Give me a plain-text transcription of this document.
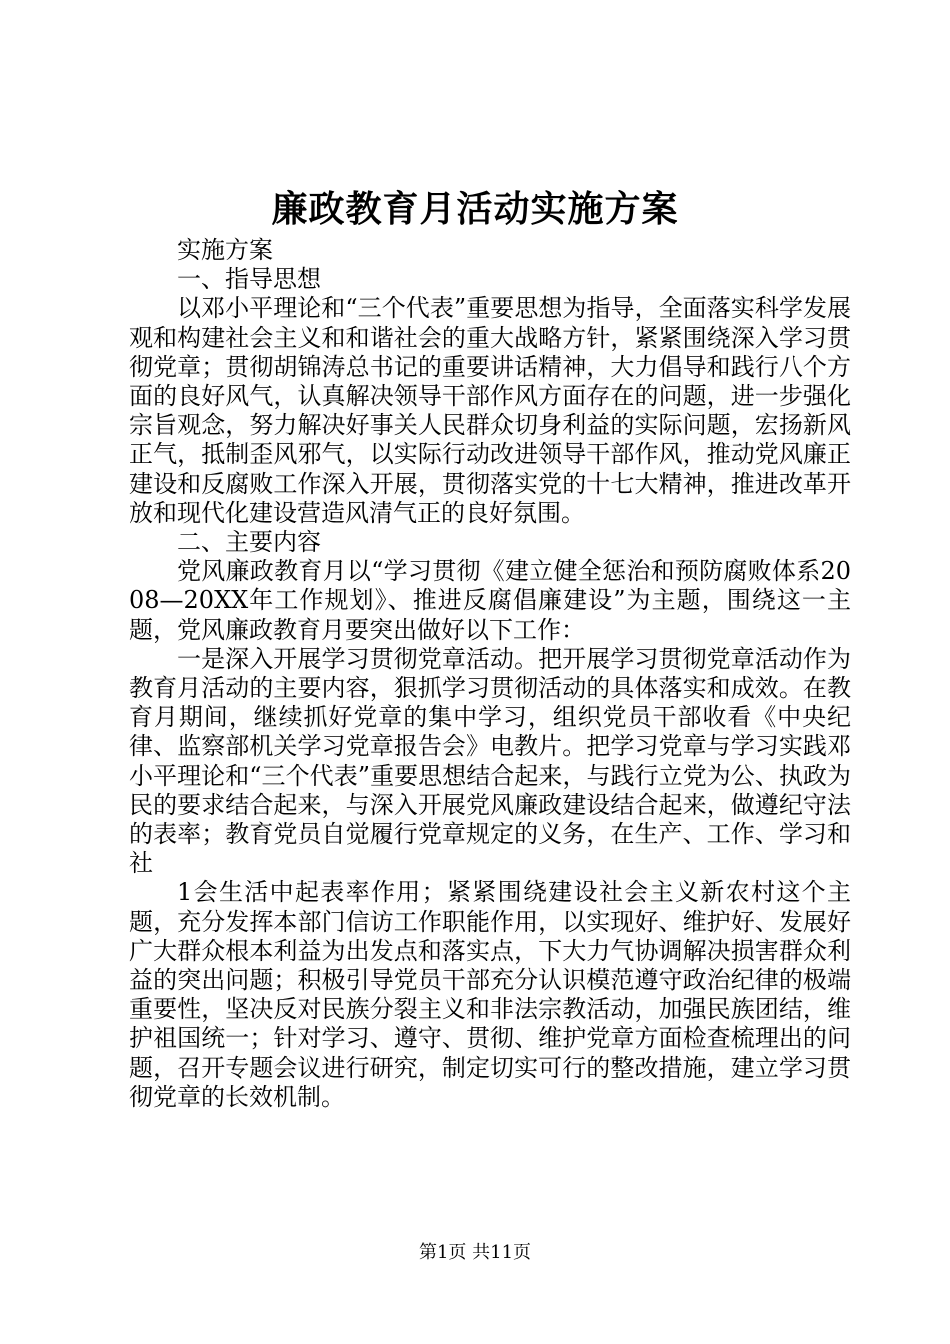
廉政教育月活动实施方案

实施方案

一、指导思想

以邓小平理论和“三个代表”重要思想为指导，全面落实科学发展观和构建社会主义和和谐社会的重大战略方针，紧紧围绕深入学习贯彻党章；贯彻胡锦涛总书记的重要讲话精神，大力倡导和践行八个方面的良好风气，认真解决领导干部作风方面存在的问题，进一步强化宗旨观念，努力解决好事关人民群众切身利益的实际问题，宏扬新风正气，抵制歪风邪气，以实际行动改进领导干部作风，推动党风廉正建设和反腐败工作深入开展，贯彻落实党的十七大精神，推进改革开放和现代化建设营造风清气正的良好氛围。

二、主要内容

党风廉政教育月以“学习贯彻《建立健全惩治和预防腐败体系2008—20XX年工作规划》、推进反腐倡廉建设”为主题，围绕这一主题，党风廉政教育月要突出做好以下工作：

一是深入开展学习贯彻党章活动。把开展学习贯彻党章活动作为教育月活动的主要内容，狠抓学习贯彻活动的具体落实和成效。在教育月期间，继续抓好党章的集中学习，组织党员干部收看《中央纪律、监察部机关学习党章报告会》电教片。把学习党章与学习实践邓小平理论和“三个代表”重要思想结合起来，与践行立党为公、执政为民的要求结合起来，与深入开展党风廉政建设结合起来，做遵纪守法的表率；教育党员自觉履行党章规定的义务，在生产、工作、学习和社

1会生活中起表率作用；紧紧围绕建设社会主义新农村这个主题，充分发挥本部门信访工作职能作用，以实现好、维护好、发展好广大群众根本利益为出发点和落实点，下大力气协调解决损害群众利益的突出问题；积极引导党员干部充分认识模范遵守政治纪律的极端重要性，坚决反对民族分裂主义和非法宗教活动，加强民族团结，维护祖国统一；针对学习、遵守、贯彻、维护党章方面检查梳理出的问题，召开专题会议进行研究，制定切实可行的整改措施，建立学习贯彻党章的长效机制。

第1页 共11页
